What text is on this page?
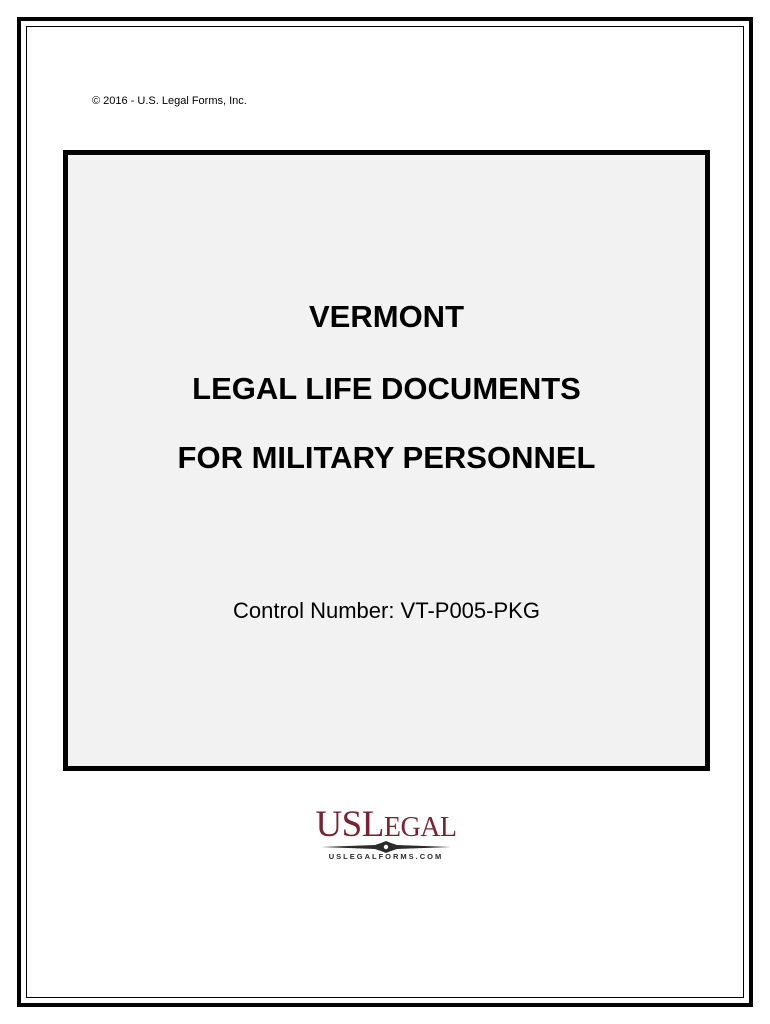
© 2016 - U.S. Legal Forms, Inc.
VERMONT
LEGAL LIFE DOCUMENTS
FOR MILITARY PERSONNEL
Control Number: VT-P005-PKG
USLEGAL
USLEGALFORMS.COM
